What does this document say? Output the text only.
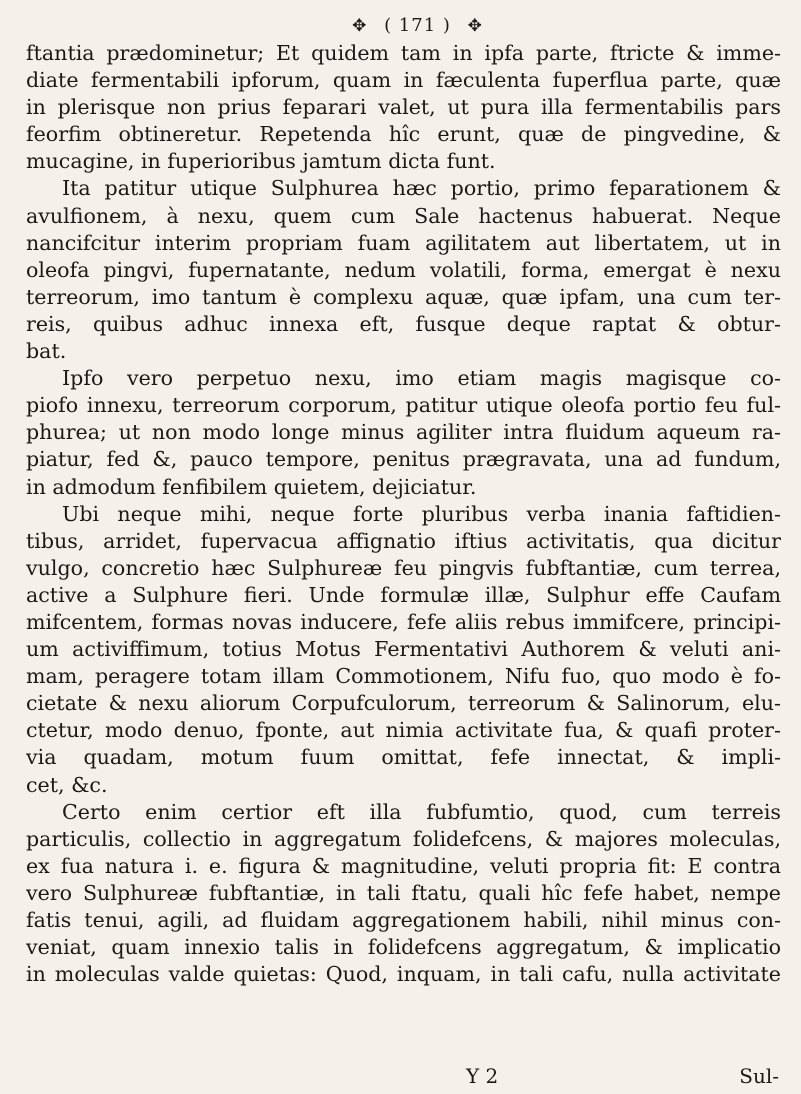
✥ ( 171 ) ✥
ftantia prædominetur; Et quidem tam in ipfa parte, ftricte & imme-
diate fermentabili ipforum, quam in fæculenta fuperflua parte, quæ
in plerisque non prius feparari valet, ut pura illa fermentabilis pars
feorfim obtineretur. Repetenda hîc erunt, quæ de pingvedine, &
mucagine, in fuperioribus jamtum dicta funt.
Ita patitur utique Sulphurea hæc portio, primo feparationem &
avulfionem, à nexu, quem cum Sale hactenus habuerat. Neque
nancifcitur interim propriam fuam agilitatem aut libertatem, ut in
oleofa pingvi, fupernatante, nedum volatili, forma, emergat è nexu
terreorum, imo tantum è complexu aquæ, quæ ipfam, una cum ter-
reis, quibus adhuc innexa eft, fusque deque raptat & obtur-
bat.
Ipfo vero perpetuo nexu, imo etiam magis magisque co-
piofo innexu, terreorum corporum, patitur utique oleofa portio feu ful-
phurea; ut non modo longe minus agiliter intra fluidum aqueum ra-
piatur, fed &, pauco tempore, penitus prægravata, una ad fundum,
in admodum fenfibilem quietem, dejiciatur.
Ubi neque mihi, neque forte pluribus verba inania faftidien-
tibus, arridet, fupervacua affignatio iftius activitatis, qua dicitur
vulgo, concretio hæc Sulphureæ feu pingvis fubftantiæ, cum terrea,
active a Sulphure fieri. Unde formulæ illæ, Sulphur effe Caufam
mifcentem, formas novas inducere, fefe aliis rebus immifcere, principi-
um activiffimum, totius Motus Fermentativi Authorem & veluti ani-
mam, peragere totam illam Commotionem, Nifu fuo, quo modo è fo-
cietate & nexu aliorum Corpufculorum, terreorum & Salinorum, elu-
ctetur, modo denuo, fponte, aut nimia activitate fua, & quafi proter-
via quadam, motum fuum omittat, fefe innectat, & impli-
cet, &c.
Certo enim certior eft illa fubfumtio, quod, cum terreis
particulis, collectio in aggregatum folidefcens, & majores moleculas,
ex fua natura i. e. figura & magnitudine, veluti propria fit: E contra
vero Sulphureæ fubftantiæ, in tali ftatu, quali hîc fefe habet, nempe
fatis tenui, agili, ad fluidam aggregationem habili, nihil minus con-
veniat, quam innexio talis in folidefcens aggregatum, & implicatio
in moleculas valde quietas: Quod, inquam, in tali cafu, nulla activitate
Y 2	Sul-
